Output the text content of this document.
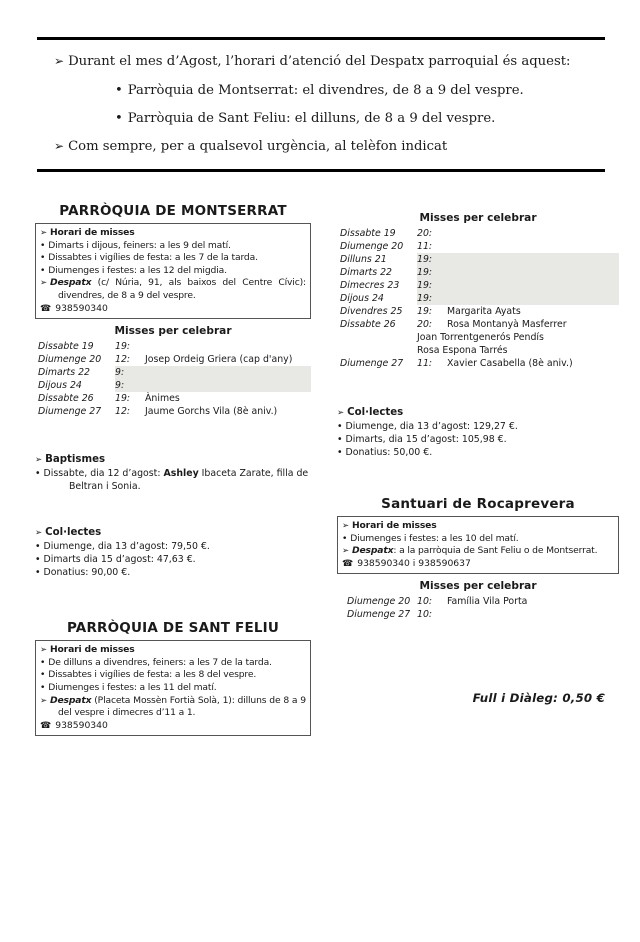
➢ Durant el mes d’Agost, l’horari d’atenció del Despatx parroquial és aquest:
• Parròquia de Montserrat: el divendres, de 8 a 9 del vespre.
• Parròquia de Sant Feliu: el dilluns, de 8 a 9 del vespre.
➢ Com sempre, per a qualsevol urgència, al telèfon indicat
PARRÒQUIA DE MONTSERRAT
➢ Horari de misses
• Dimarts i dijous, feiners: a les 9 del matí.
• Dissabtes i vigílies de festa: a les 7 de la tarda.
• Diumenges i festes: a les 12 del migdia.
➢ Despatx (c/ Núria, 91, als baixos del Centre Cívic): divendres, de 8 a 9 del vespre.
☎ 938590340
Misses per celebrar
Dissabte 19	19:
Diumenge 20	12: Josep Ordeig Griera (cap d'any)
Dimarts 22	9:
Dijous 24	9:
Dissabte 26	19: Ànimes
Diumenge 27	12: Jaume Gorchs Vila (8è aniv.)
➢ Baptismes
• Dissabte, dia 12 d’agost: Ashley Ibaceta Zarate, filla de Beltran i Sonia.
➢ Col·lectes
• Diumenge, dia 13 d’agost: 79,50 €.
• Dimarts dia 15 d’agost: 47,63 €.
• Donatius: 90,00 €.
PARRÒQUIA DE SANT FELIU
➢ Horari de misses
• De dilluns a divendres, feiners: a les 7 de la tarda.
• Dissabtes i vigílies de festa: a les 8 del vespre.
• Diumenges i festes: a les 11 del matí.
➢ Despatx (Placeta Mossèn Fortià Solà, 1): dilluns de 8 a 9 del vespre i dimecres d’11 a 1.
☎ 938590340
Misses per celebrar
Dissabte 19	20:
Diumenge 20	11:
Dilluns 21	19:
Dimarts 22	19:
Dimecres 23	19:
Dijous 24	19:
Divendres 25	19: Margarita Ayats
Dissabte 26	20: Rosa Montanyà Masferrer
Joan Torrentgenerós Pendís
Rosa Espona Tarrés
Diumenge 27	11: Xavier Casabella (8è aniv.)
➢ Col·lectes
• Diumenge, dia 13 d’agost: 129,27 €.
• Dimarts, dia 15 d’agost: 105,98 €.
• Donatius: 50,00 €.
Santuari de Rocaprevera
➢ Horari de misses
• Diumenges i festes: a les 10 del matí.
➢ Despatx: a la parròquia de Sant Feliu o de Montserrat.
☎ 938590340 i 938590637
Misses per celebrar
Diumenge 20 10: Família Vila Porta
Diumenge 27 10:
Full i Diàleg: 0,50 €
